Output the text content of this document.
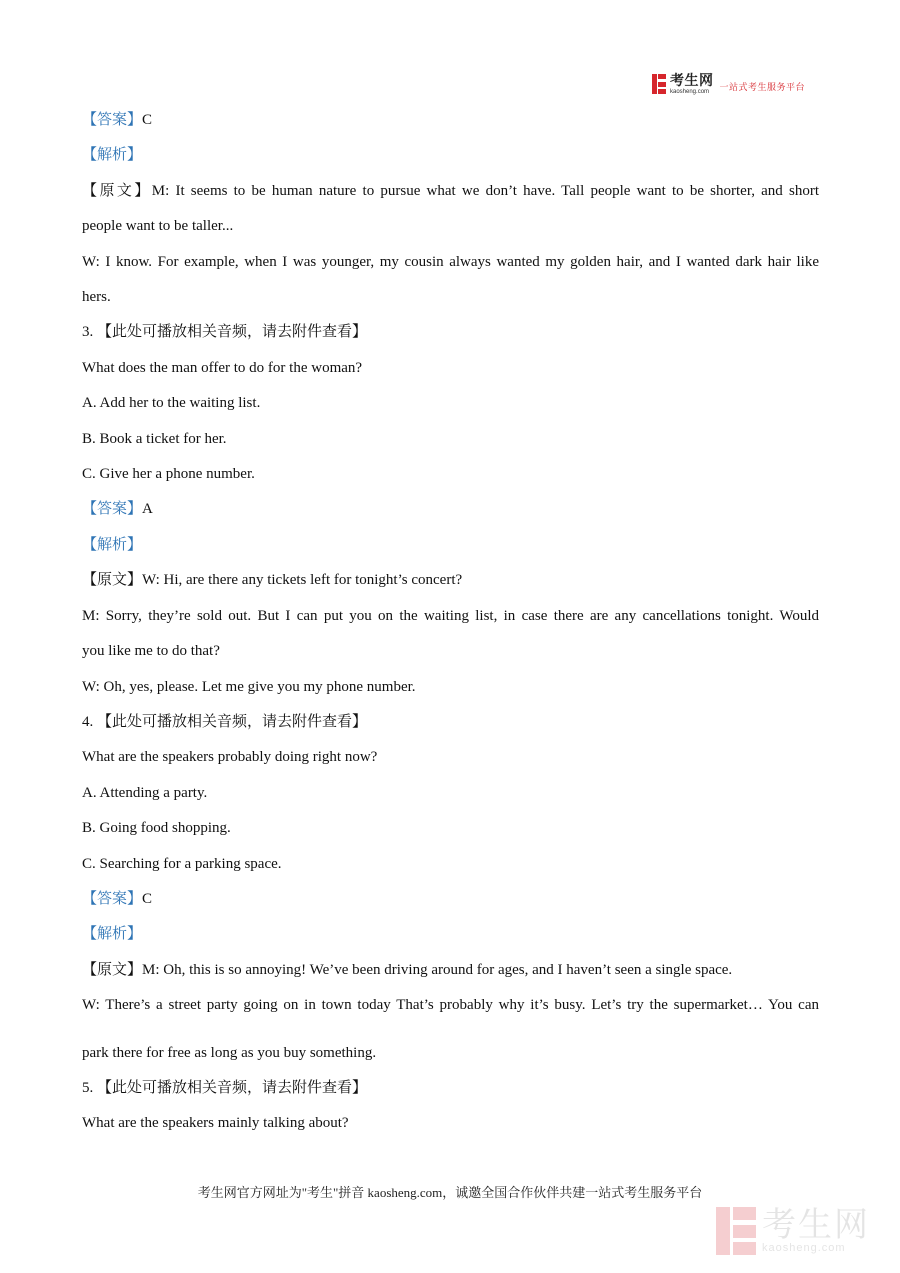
考生网
kaosheng.com	一站式考生服务平台
【答案】C
【解析】
【原文】M: It seems to be human nature to pursue what we don’t have. Tall people want to be shorter, and short
people want to be taller...
W: I know. For example, when I was younger, my cousin always wanted my golden hair, and I wanted dark hair like
hers.
3. 【此处可播放相关音频，请去附件查看】
What does the man offer to do for the woman?
A. Add her to the waiting list.
B. Book a ticket for her.
C. Give her a phone number.
【答案】A
【解析】
【原文】W: Hi, are there any tickets left for tonight’s concert?
M: Sorry, they’re sold out. But I can put you on the waiting list, in case there are any cancellations tonight. Would
you like me to do that?
W: Oh, yes, please. Let me give you my phone number.
4. 【此处可播放相关音频，请去附件查看】
What are the speakers probably doing right now?
A. Attending a party.
B. Going food shopping.
C. Searching for a parking space.
【答案】C
【解析】
【原文】M: Oh, this is so annoying! We’ve been driving around for ages, and I haven’t seen a single space.
W: There’s a street party going on in town today That’s probably why it’s busy. Let’s try the supermarket… You can
park there for free as long as you buy something.
5. 【此处可播放相关音频，请去附件查看】
What are the speakers mainly talking about?
考生网官方网址为"考生"拼音 kaosheng.com，诚邀全国合作伙伴共建一站式考生服务平台
考生网
kaosheng.com
